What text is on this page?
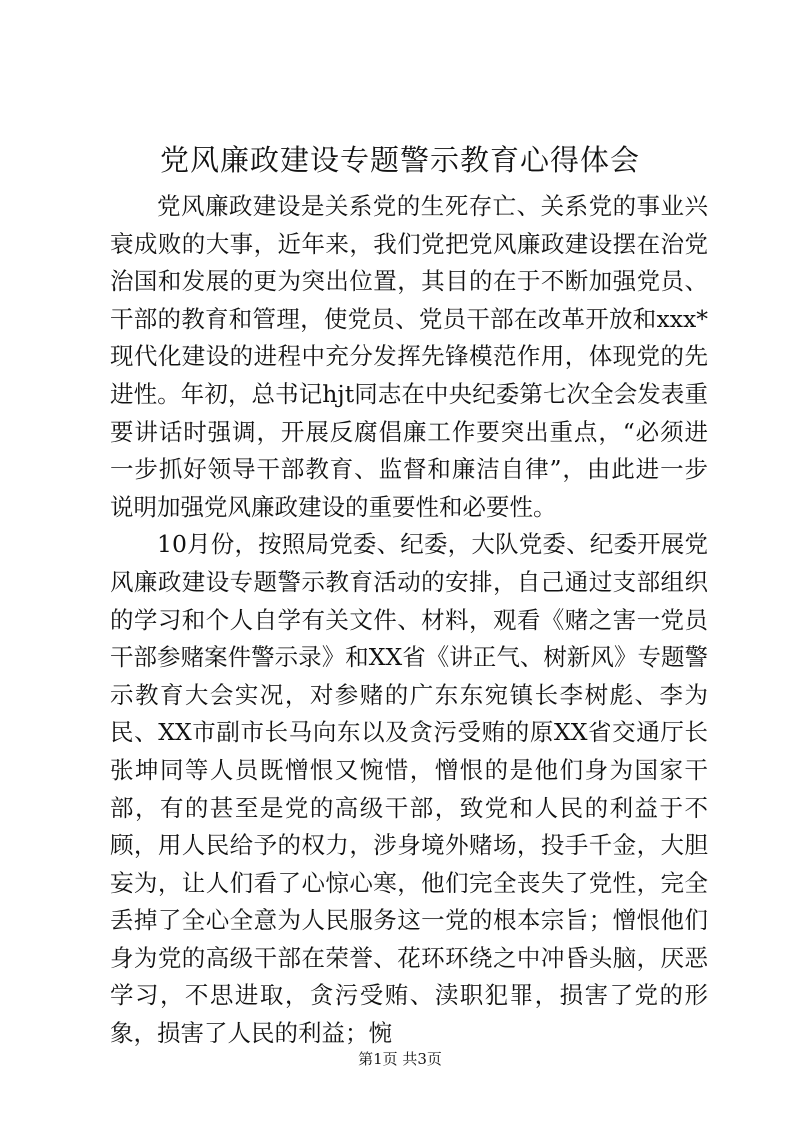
党风廉政建设专题警示教育心得体会

党风廉政建设是关系党的生死存亡、关系党的事业兴衰成败的大事，近年来，我们党把党风廉政建设摆在治党治国和发展的更为突出位置，其目的在于不断加强党员、干部的教育和管理，使党员、党员干部在改革开放和xxx*现代化建设的进程中充分发挥先锋模范作用，体现党的先进性。年初，总书记hjt同志在中央纪委第七次全会发表重要讲话时强调，开展反腐倡廉工作要突出重点，“必须进一步抓好领导干部教育、监督和廉洁自律”，由此进一步说明加强党风廉政建设的重要性和必要性。

10月份，按照局党委、纪委，大队党委、纪委开展党风廉政建设专题警示教育活动的安排，自己通过支部组织的学习和个人自学有关文件、材料，观看《赌之害一党员干部参赌案件警示录》和XX省《讲正气、树新风》专题警示教育大会实况，对参赌的广东东宛镇长李树彪、李为民、XX市副市长马向东以及贪污受贿的原XX省交通厅长张坤同等人员既憎恨又惋惜，憎恨的是他们身为国家干部，有的甚至是党的高级干部，致党和人民的利益于不顾，用人民给予的权力，涉身境外赌场，投手千金，大胆妄为，让人们看了心惊心寒，他们完全丧失了党性，完全丢掉了全心全意为人民服务这一党的根本宗旨；憎恨他们身为党的高级干部在荣誉、花环环绕之中冲昏头脑，厌恶学习，不思进取，贪污受贿、渎职犯罪，损害了党的形象，损害了人民的利益；惋

第1页 共3页
